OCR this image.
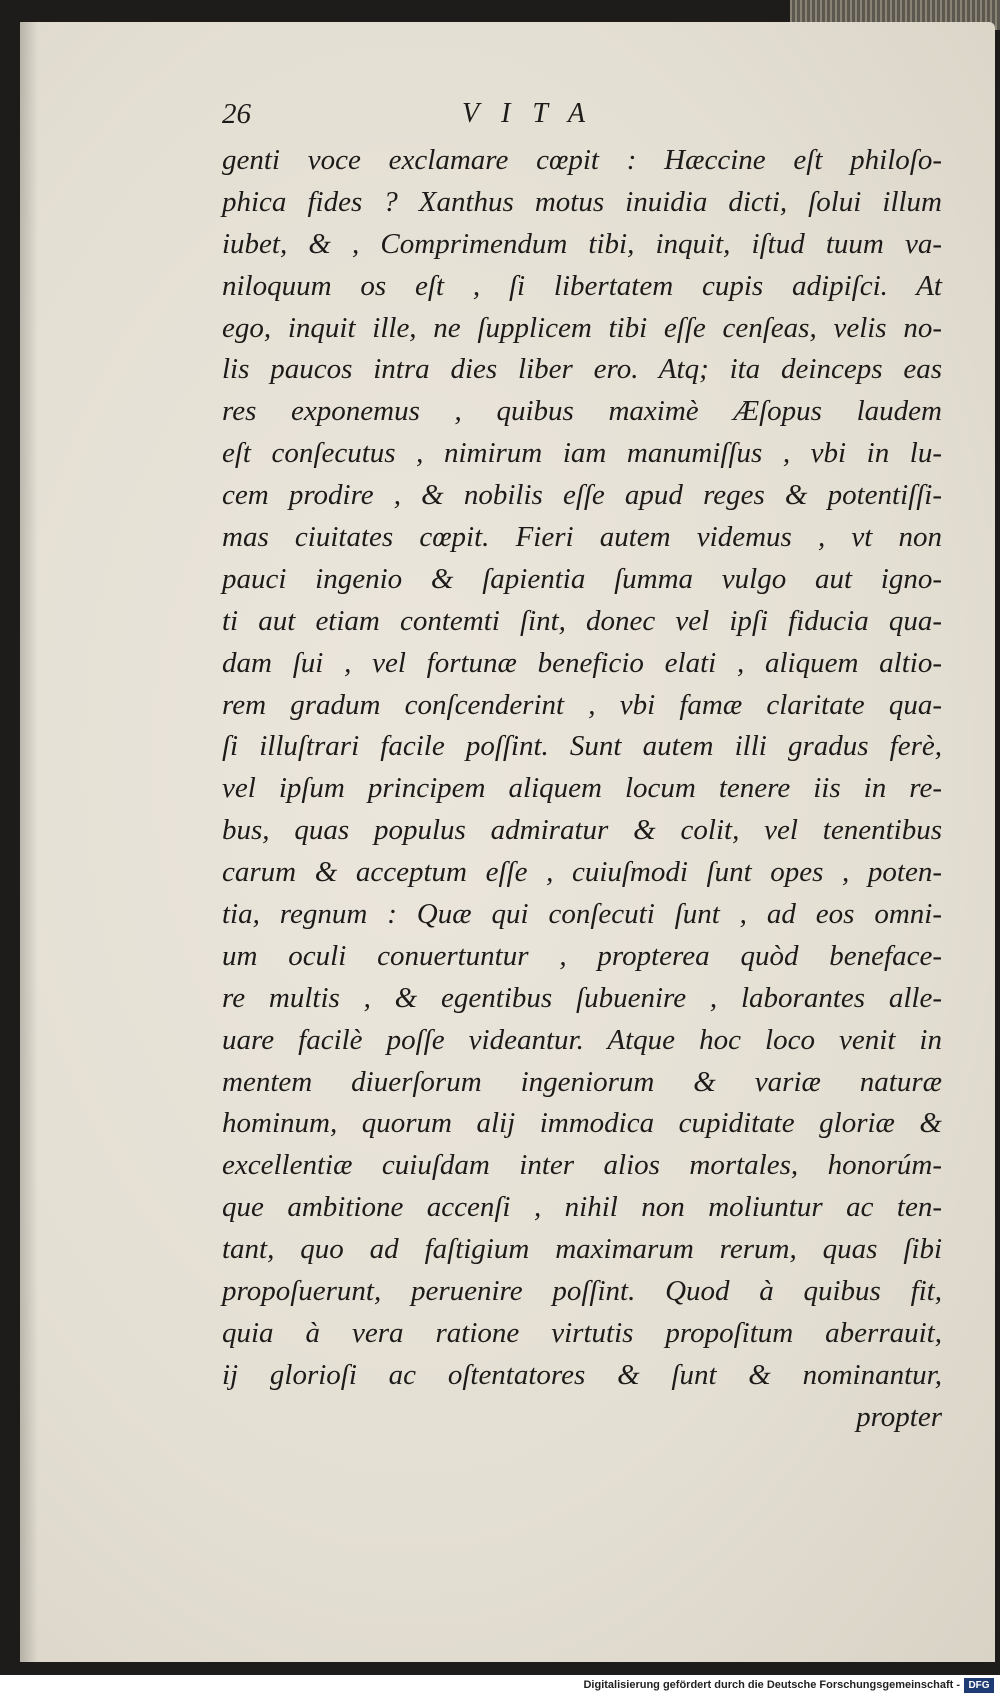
26	VITA
genti voce exclamare cœpit : Hæccine eſt philoſo-
phica fides ? Xanthus motus inuidia dicti, ſolui illum
iubet, & , Comprimendum tibi, inquit, iſtud tuum va-
niloquum os eſt , ſi libertatem cupis adipiſci. At
ego, inquit ille, ne ſupplicem tibi eſſe cenſeas, velis no-
lis paucos intra dies liber ero. Atq; ita deinceps eas
res exponemus , quibus maximè Æſopus laudem
eſt conſecutus , nimirum iam manumiſſus , vbi in lu-
cem prodire , & nobilis eſſe apud reges & potentiſſi-
mas ciuitates cœpit. Fieri autem videmus , vt non
pauci ingenio & ſapientia ſumma vulgo aut igno-
ti aut etiam contemti ſint, donec vel ipſi fiducia qua-
dam ſui , vel fortunæ beneficio elati , aliquem altio-
rem gradum conſcenderint , vbi famæ claritate qua-
ſi illuſtrari facile poſſint. Sunt autem illi gradus ferè,
vel ipſum principem aliquem locum tenere iis in re-
bus, quas populus admiratur & colit, vel tenentibus
carum & acceptum eſſe , cuiuſmodi ſunt opes , poten-
tia, regnum : Quæ qui conſecuti ſunt , ad eos omni-
um oculi conuertuntur , propterea quòd beneface-
re multis , & egentibus ſubuenire , laborantes alle-
uare facilè poſſe videantur. Atque hoc loco venit in
mentem diuerſorum ingeniorum & variæ naturæ
hominum, quorum alij immodica cupiditate gloriæ &
excellentiæ cuiuſdam inter alios mortales, honorúm-
que ambitione accenſi , nihil non moliuntur ac ten-
tant, quo ad faſtigium maximarum rerum, quas ſibi
propoſuerunt, peruenire poſſint. Quod à quibus fit,
quia à vera ratione virtutis propoſitum aberrauit,
ij glorioſi ac oſtentatores & ſunt & nominantur,
propter
Digitalisierung gefördert durch die Deutsche Forschungsgemeinschaft - DFG
